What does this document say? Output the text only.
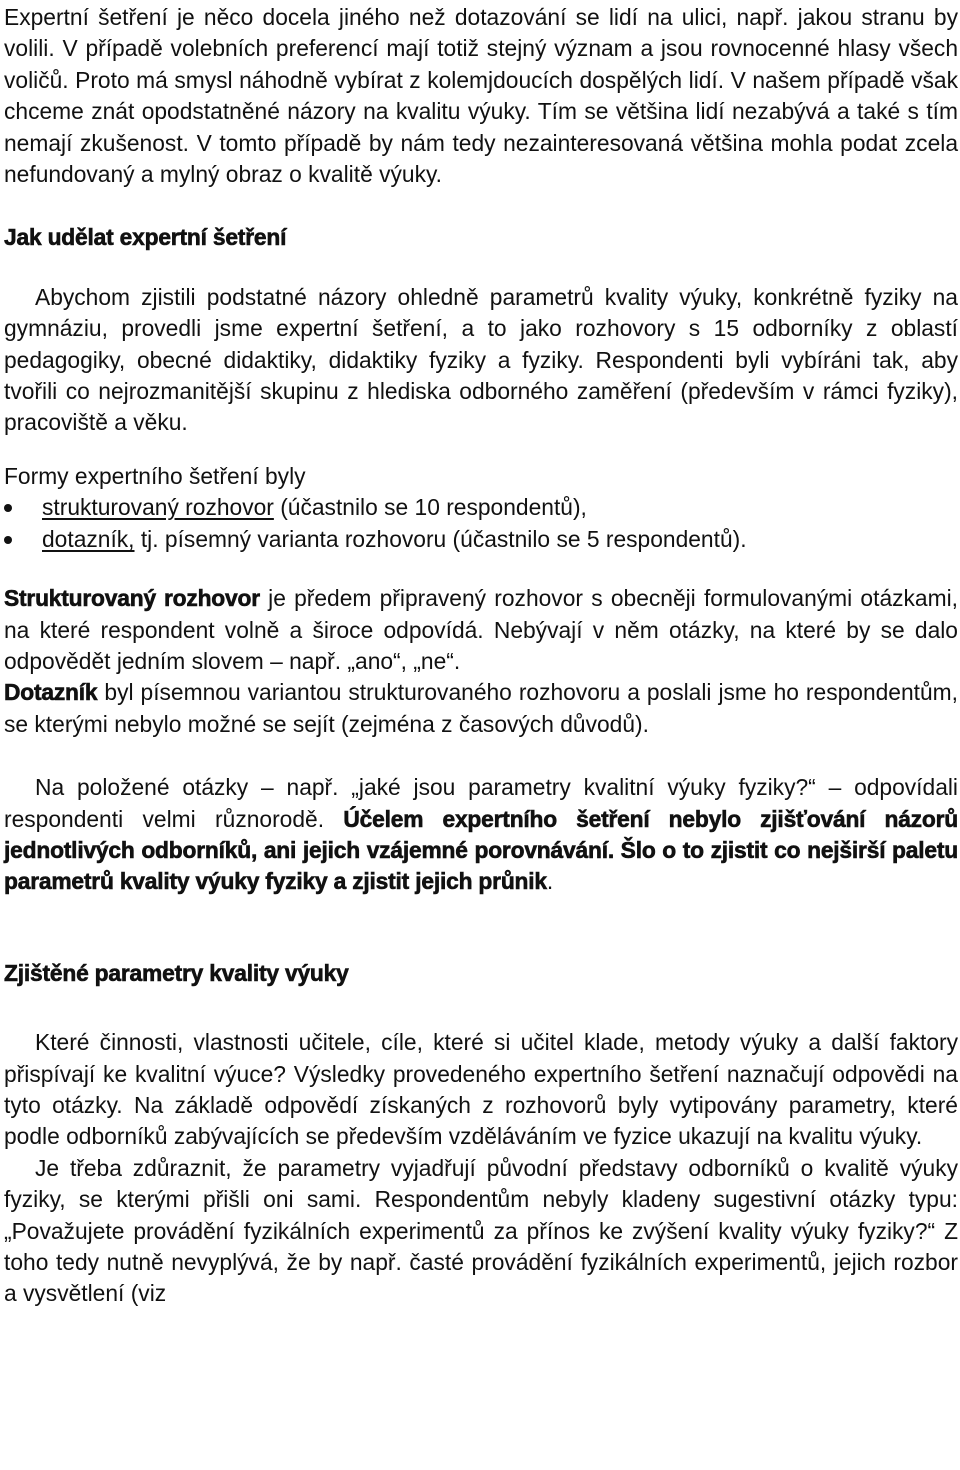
Expertní šetření je něco docela jiného než dotazování se lidí na ulici, např. jakou stranu by volili. V případě volebních preferencí mají totiž stejný význam a jsou rovnocenné hlasy všech voličů. Proto má smysl náhodně vybírat z kolemjdoucích dospělých lidí. V našem případě však chceme znát opodstatněné názory na kvalitu výuky. Tím se většina lidí nezabývá a také s tím nemají zkušenost. V tomto případě by nám tedy nezainteresovaná většina mohla podat zcela nefundovaný a mylný obraz o kvalitě výuky.

Jak udělat expertní šetření

Abychom zjistili podstatné názory ohledně parametrů kvality výuky, konkrétně fyziky na gymnáziu, provedli jsme expertní šetření, a to jako rozhovory s 15 odborníky z oblastí pedagogiky, obecné didaktiky, didaktiky fyziky a fyziky. Respondenti byli vybíráni tak, aby tvořili co nejrozmanitější skupinu z hlediska odborného zaměření (především v rámci fyziky), pracoviště a věku.

Formy expertního šetření byly

strukturovaný rozhovor (účastnilo se 10 respondentů),
dotazník, tj. písemný varianta rozhovoru (účastnilo se 5 respondentů).

Strukturovaný rozhovor je předem připravený rozhovor s obecněji formulovanými otázkami, na které respondent volně a široce odpovídá. Nebývají v něm otázky, na které by se dalo odpovědět jedním slovem – např. „ano“, „ne“.

Dotazník byl písemnou variantou strukturovaného rozhovoru a poslali jsme ho respondentům, se kterými nebylo možné se sejít (zejména z časových důvodů).

Na položené otázky – např. „jaké jsou parametry kvalitní výuky fyziky?“ – odpovídali respondenti velmi různorodě. Účelem expertního šetření nebylo zjišťování názorů jednotlivých odborníků, ani jejich vzájemné porovnávání. Šlo o to zjistit co nejširší paletu parametrů kvality výuky fyziky a zjistit jejich průnik.

Zjištěné parametry kvality výuky

Které činnosti, vlastnosti učitele, cíle, které si učitel klade, metody výuky a další faktory přispívají ke kvalitní výuce? Výsledky provedeného expertního šetření naznačují odpovědi na tyto otázky. Na základě odpovědí získaných z rozhovorů byly vytipovány parametry, které podle odborníků zabývajících se především vzděláváním ve fyzice ukazují na kvalitu výuky.

Je třeba zdůraznit, že parametry vyjadřují původní představy odborníků o kvalitě výuky fyziky, se kterými přišli oni sami. Respondentům nebyly kladeny sugestivní otázky typu: „Považujete provádění fyzikálních experimentů za přínos ke zvýšení kvality výuky fyziky?“ Z toho tedy nutně nevyplývá, že by např. časté provádění fyzikálních experimentů, jejich rozbor a vysvětlení (viz
